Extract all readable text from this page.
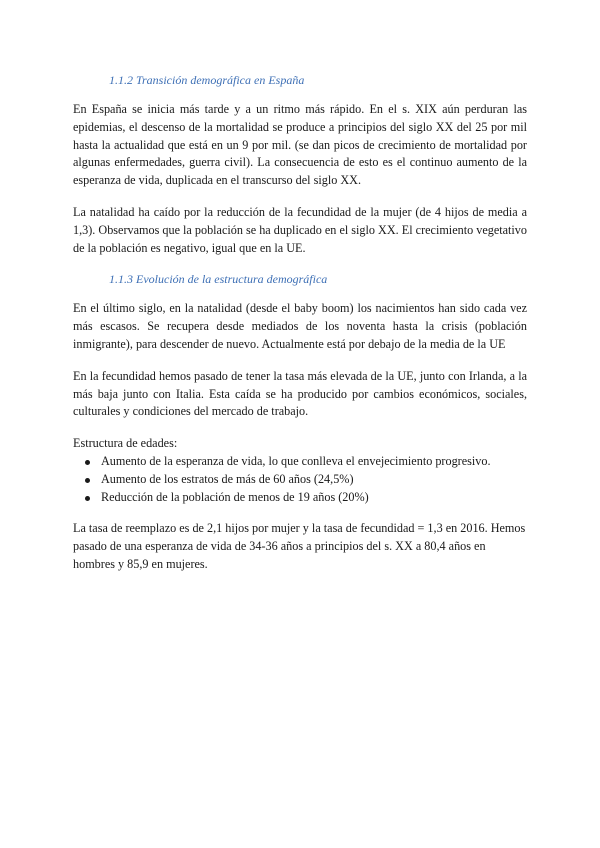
1.1.2 Transición demográfica en España

En España se inicia más tarde y a un ritmo más rápido. En el s. XIX aún perduran las epidemias, el descenso de la mortalidad se produce a principios del siglo XX del 25 por mil hasta la actualidad que está en un 9 por mil. (se dan picos de crecimiento de mortalidad por algunas enfermedades, guerra civil). La consecuencia de esto es el continuo aumento de la esperanza de vida, duplicada en el transcurso del siglo XX.

La natalidad ha caído por la reducción de la fecundidad de la mujer (de 4 hijos de media a 1,3). Observamos que la población se ha duplicado en el siglo XX. El crecimiento vegetativo de la población es negativo, igual que en la UE.

1.1.3 Evolución de la estructura demográfica

En el último siglo, en la natalidad (desde el baby boom) los nacimientos han sido cada vez más escasos. Se recupera desde mediados de los noventa hasta la crisis (población inmigrante), para descender de nuevo. Actualmente está por debajo de la media de la UE

En la fecundidad hemos pasado de tener la tasa más elevada de la UE, junto con Irlanda, a la más baja junto con Italia. Esta caída se ha producido por cambios económicos, sociales, culturales y condiciones del mercado de trabajo.

Estructura de edades:

Aumento de la esperanza de vida, lo que conlleva el envejecimiento progresivo.
Aumento de los estratos de más de 60 años (24,5%)
Reducción de la población de menos de 19 años (20%)

La tasa de reemplazo es de 2,1 hijos por mujer y la tasa de fecundidad = 1,3 en 2016. Hemos pasado de una esperanza de vida de 34-36 años a principios del s. XX a 80,4 años en hombres y 85,9 en mujeres.
